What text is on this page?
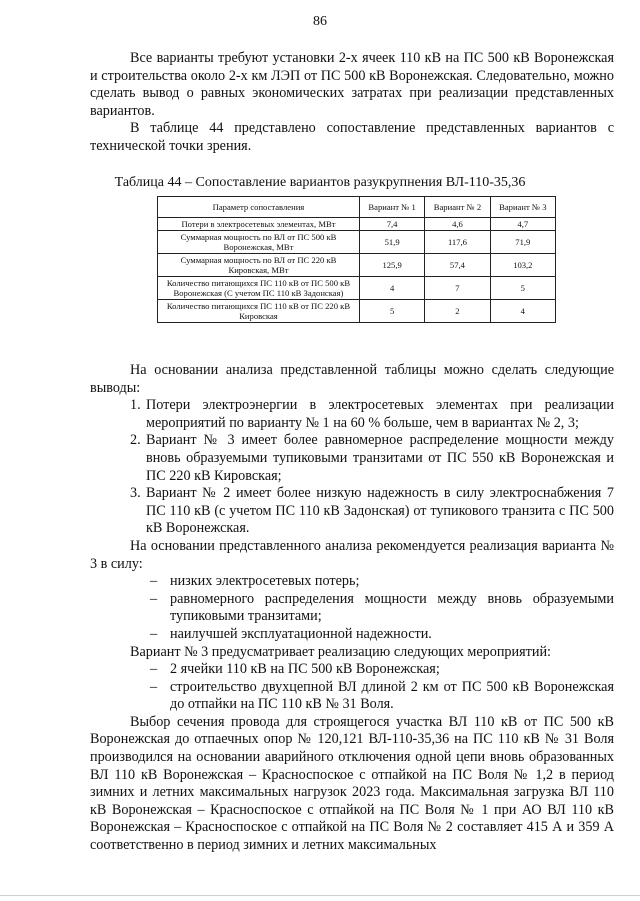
86

Все варианты требуют установки 2-х ячеек 110 кВ на ПС 500 кВ Воронежская и строительства около 2-х км ЛЭП от ПС 500 кВ Воронежская. Следовательно, можно сделать вывод о равных экономических затратах при реализации представленных вариантов.

В таблице 44 представлено сопоставление представленных вариантов с технической точки зрения.

Таблица 44 – Сопоставление вариантов разукрупнения ВЛ-110-35,36
Параметр сопоставления	Вариант № 1	Вариант № 2	Вариант № 3
Потери в электросетевых элементах, МВт	7,4	4,6	4,7
Суммарная мощность по ВЛ от ПС 500 кВ Воронежская, МВт	51,9	117,6	71,9
Суммарная мощность по ВЛ от ПС 220 кВ Кировская, МВт	125,9	57,4	103,2
Количество питающихся ПС 110 кВ от ПС 500 кВ Воронежская (С учетом ПС 110 кВ Задонская)	4	7	5
Количество питающихся ПС 110 кВ от ПС 220 кВ Кировская	5	2	4

На основании анализа представленной таблицы можно сделать следующие выводы:

1. Потери электроэнергии в электросетевых элементах при реализации мероприятий по варианту № 1 на 60 % больше, чем в вариантах № 2, 3;
2. Вариант № 3 имеет более равномерное распределение мощности между вновь образуемыми тупиковыми транзитами от ПС 550 кВ Воронежская и ПС 220 кВ Кировская;
3. Вариант № 2 имеет более низкую надежность в силу электроснабжения 7 ПС 110 кВ (с учетом ПС 110 кВ Задонская) от тупикового транзита с ПС 500 кВ Воронежская.

На основании представленного анализа рекомендуется реализация варианта № 3 в силу:

– низких электросетевых потерь;
– равномерного распределения мощности между вновь образуемыми тупиковыми транзитами;
– наилучшей эксплуатационной надежности.

Вариант № 3 предусматривает реализацию следующих мероприятий:

– 2 ячейки 110 кВ на ПС 500 кВ Воронежская;
– строительство двухцепной ВЛ длиной 2 км от ПС 500 кВ Воронежская до отпайки на ПС 110 кВ № 31 Воля.

Выбор сечения провода для строящегося участка ВЛ 110 кВ от ПС 500 кВ Воронежская до отпаечных опор № 120,121 ВЛ-110-35,36 на ПС 110 кВ № 31 Воля производился на основании аварийного отключения одной цепи вновь образованных ВЛ 110 кВ Воронежская – Красноспоское с отпайкой на ПС Воля № 1,2 в период зимних и летних максимальных нагрузок 2023 года. Максимальная загрузка ВЛ 110 кВ Воронежская – Красноспоское с отпайкой на ПС Воля № 1 при АО ВЛ 110 кВ Воронежская – Красноспоское с отпайкой на ПС Воля № 2 составляет 415 А и 359 А соответственно в период зимних и летних максимальных
